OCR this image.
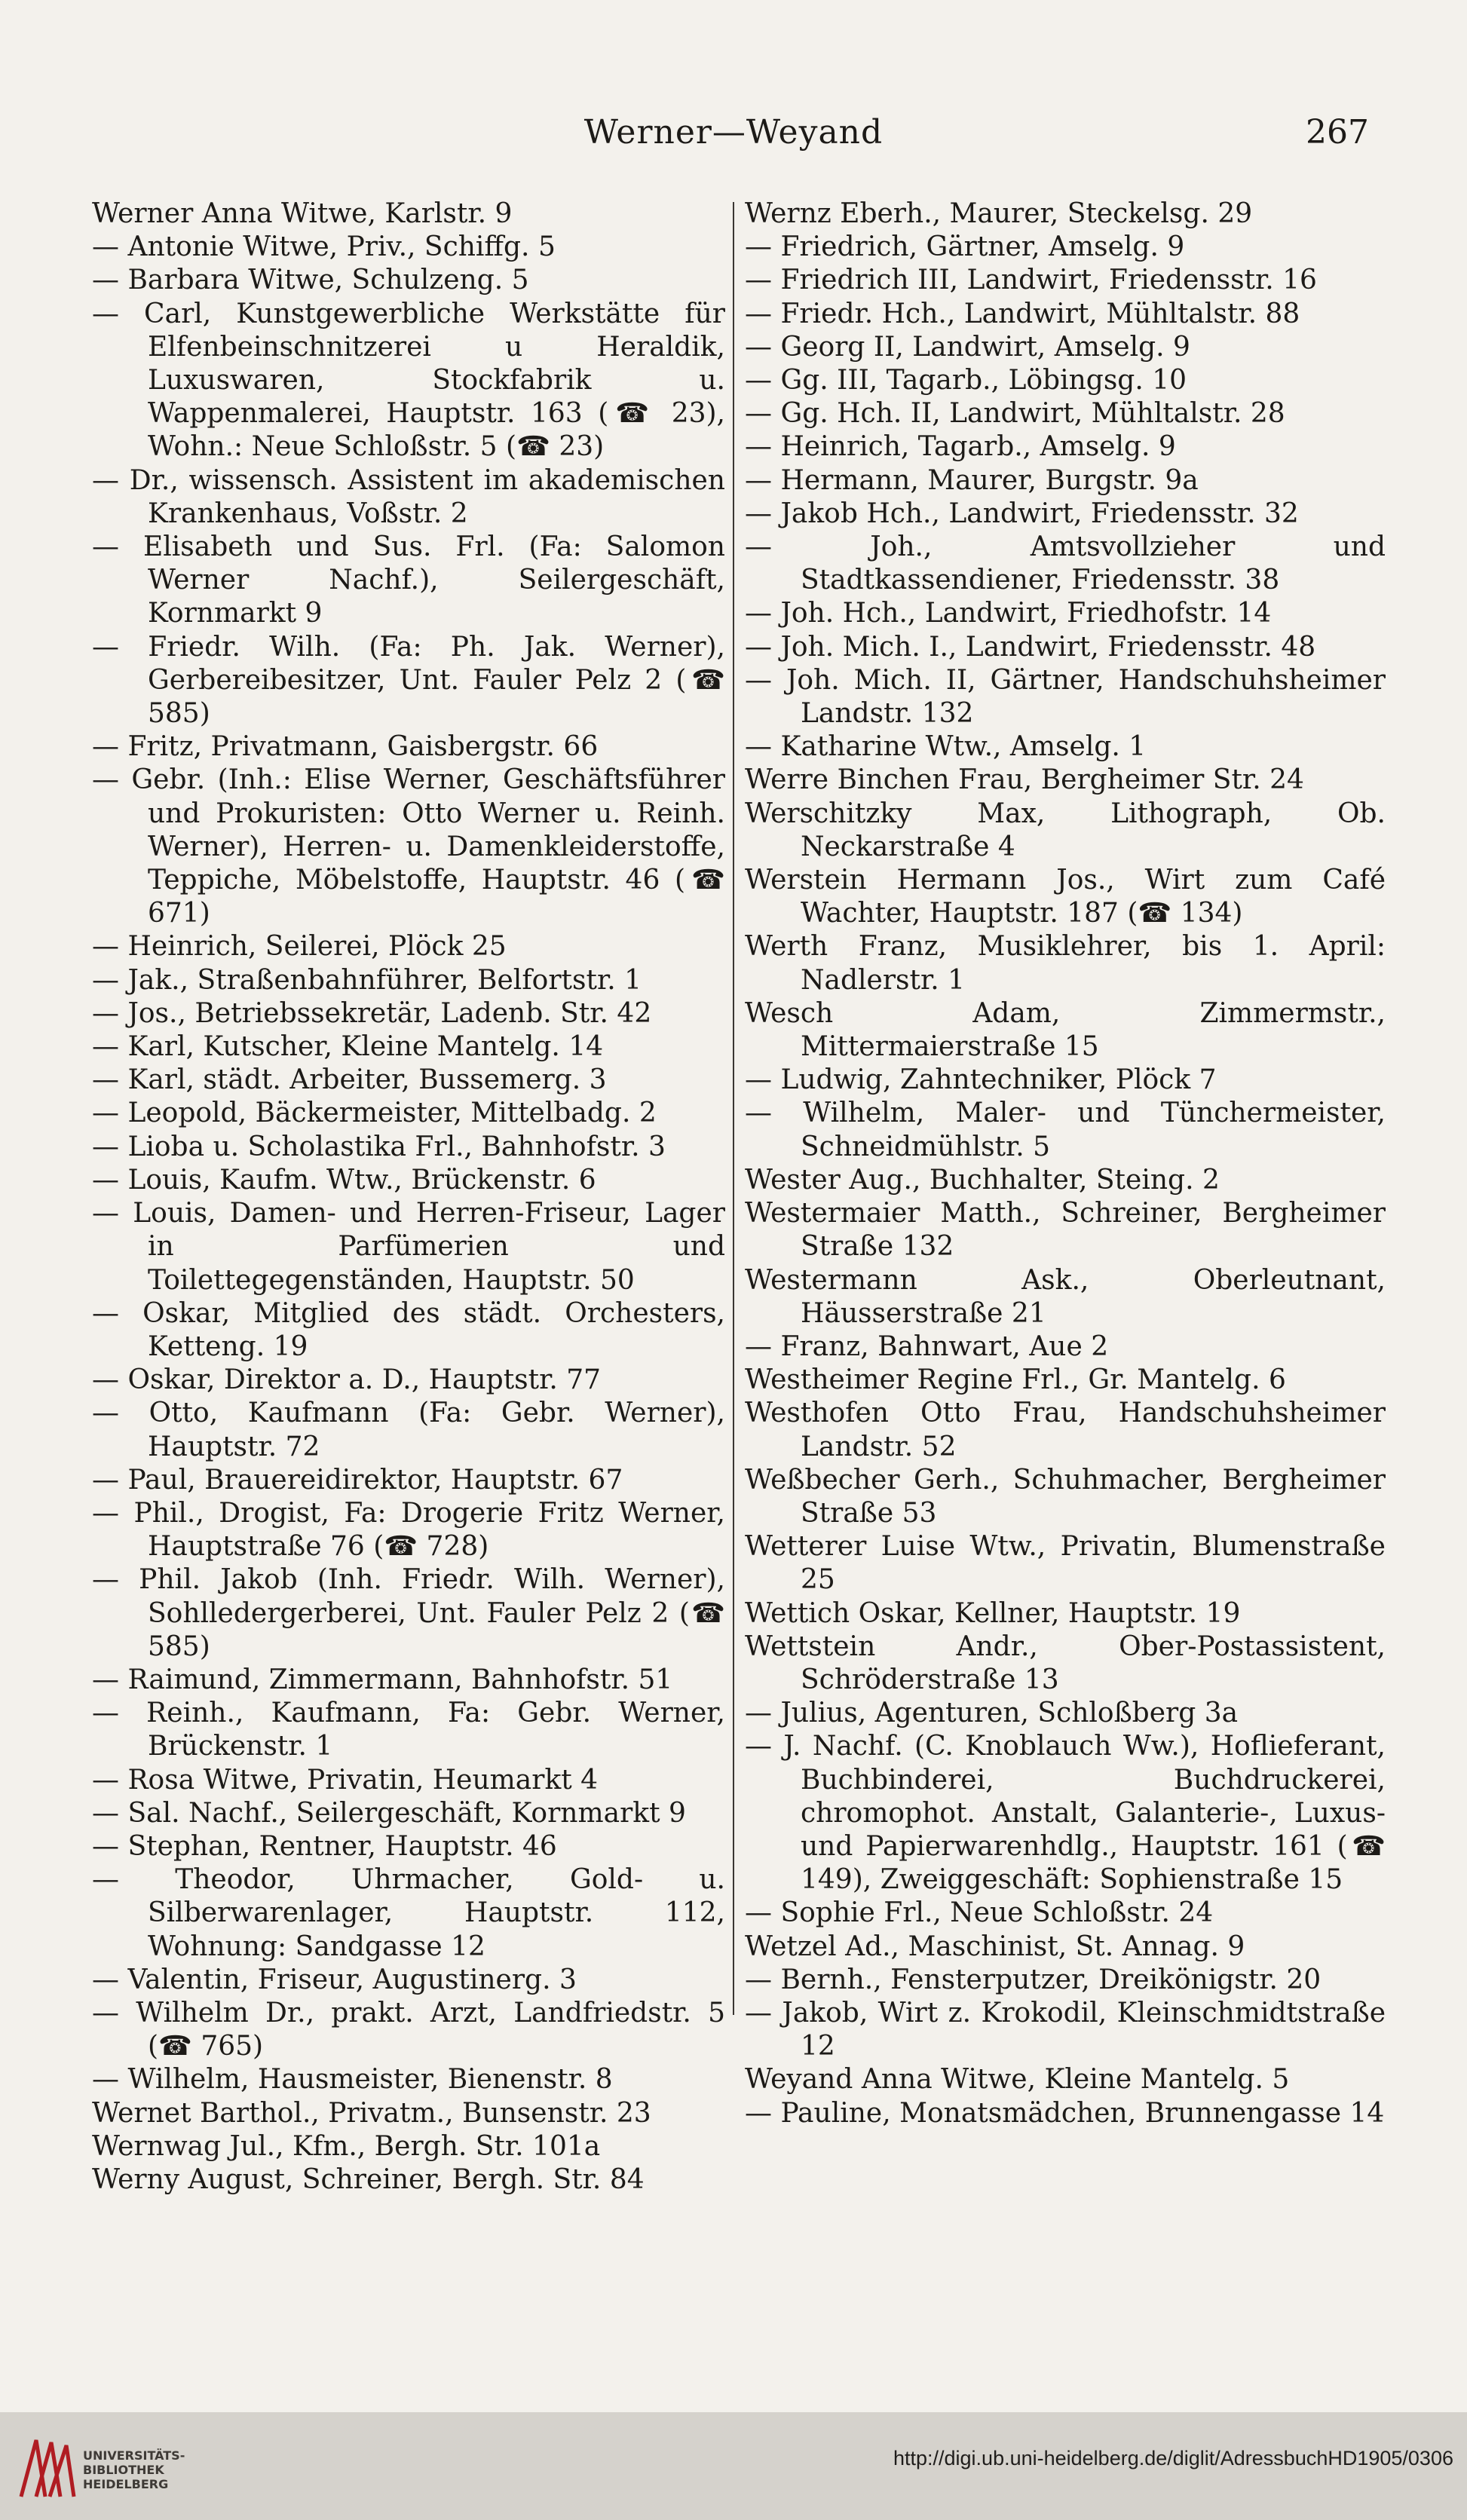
Werner—Weyand	267

Werner Anna Witwe, Karlstr. 9

— Antonie Witwe, Priv., Schiffg. 5

— Barbara Witwe, Schulzeng. 5

— Carl, Kunstgewerbliche Werkstätte für Elfenbeinschnitzerei u Heraldik, Luxuswaren, Stockfabrik u. Wappenmalerei, Hauptstr. 163 (☎ 23), Wohn.: Neue Schloßstr. 5 (☎ 23)

— Dr., wissensch. Assistent im akademischen Krankenhaus, Voßstr. 2

— Elisabeth und Sus. Frl. (Fa: Salomon Werner Nachf.), Seilergeschäft, Kornmarkt 9

— Friedr. Wilh. (Fa: Ph. Jak. Werner), Gerbereibesitzer, Unt. Fauler Pelz 2 (☎ 585)

— Fritz, Privatmann, Gaisbergstr. 66

— Gebr. (Inh.: Elise Werner, Geschäftsführer und Prokuristen: Otto Werner u. Reinh. Werner), Herren- u. Damenkleiderstoffe, Teppiche, Möbelstoffe, Hauptstr. 46 (☎ 671)

— Heinrich, Seilerei, Plöck 25

— Jak., Straßenbahnführer, Belfortstr. 1

— Jos., Betriebssekretär, Ladenb. Str. 42

— Karl, Kutscher, Kleine Mantelg. 14

— Karl, städt. Arbeiter, Bussemerg. 3

— Leopold, Bäckermeister, Mittelbadg. 2

— Lioba u. Scholastika Frl., Bahnhofstr. 3

— Louis, Kaufm. Wtw., Brückenstr. 6

— Louis, Damen- und Herren-Friseur, Lager in Parfümerien und Toilettegegenständen, Hauptstr. 50

— Oskar, Mitglied des städt. Orchesters, Ketteng. 19

— Oskar, Direktor a. D., Hauptstr. 77

— Otto, Kaufmann (Fa: Gebr. Werner), Hauptstr. 72

— Paul, Brauereidirektor, Hauptstr. 67

— Phil., Drogist, Fa: Drogerie Fritz Werner, Hauptstraße 76 (☎ 728)

— Phil. Jakob (Inh. Friedr. Wilh. Werner), Sohlledergerberei, Unt. Fauler Pelz 2 (☎ 585)

— Raimund, Zimmermann, Bahnhofstr. 51

— Reinh., Kaufmann, Fa: Gebr. Werner, Brückenstr. 1

— Rosa Witwe, Privatin, Heumarkt 4

— Sal. Nachf., Seilergeschäft, Kornmarkt 9

— Stephan, Rentner, Hauptstr. 46

— Theodor, Uhrmacher, Gold- u. Silberwarenlager, Hauptstr. 112, Wohnung: Sandgasse 12

— Valentin, Friseur, Augustinerg. 3

— Wilhelm Dr., prakt. Arzt, Landfriedstr. 5 (☎ 765)

— Wilhelm, Hausmeister, Bienenstr. 8

Wernet Barthol., Privatm., Bunsenstr. 23

Wernwag Jul., Kfm., Bergh. Str. 101a

Werny August, Schreiner, Bergh. Str. 84

Wernz Eberh., Maurer, Steckelsg. 29

— Friedrich, Gärtner, Amselg. 9

— Friedrich III, Landwirt, Friedensstr. 16

— Friedr. Hch., Landwirt, Mühltalstr. 88

— Georg II, Landwirt, Amselg. 9

— Gg. III, Tagarb., Löbingsg. 10

— Gg. Hch. II, Landwirt, Mühltalstr. 28

— Heinrich, Tagarb., Amselg. 9

— Hermann, Maurer, Burgstr. 9a

— Jakob Hch., Landwirt, Friedensstr. 32

— Joh., Amtsvollzieher und Stadtkassendiener, Friedensstr. 38

— Joh. Hch., Landwirt, Friedhofstr. 14

— Joh. Mich. I., Landwirt, Friedensstr. 48

— Joh. Mich. II, Gärtner, Handschuhsheimer Landstr. 132

— Katharine Wtw., Amselg. 1

Werre Binchen Frau, Bergheimer Str. 24

Werschitzky Max, Lithograph, Ob. Neckarstraße 4

Werstein Hermann Jos., Wirt zum Café Wachter, Hauptstr. 187 (☎ 134)

Werth Franz, Musiklehrer, bis 1. April: Nadlerstr. 1

Wesch Adam, Zimmermstr., Mittermaierstraße 15

— Ludwig, Zahntechniker, Plöck 7

— Wilhelm, Maler- und Tünchermeister, Schneidmühlstr. 5

Wester Aug., Buchhalter, Steing. 2

Westermaier Matth., Schreiner, Bergheimer Straße 132

Westermann Ask., Oberleutnant, Häusserstraße 21

— Franz, Bahnwart, Aue 2

Westheimer Regine Frl., Gr. Mantelg. 6

Westhofen Otto Frau, Handschuhsheimer Landstr. 52

Weßbecher Gerh., Schuhmacher, Bergheimer Straße 53

Wetterer Luise Wtw., Privatin, Blumenstraße 25

Wettich Oskar, Kellner, Hauptstr. 19

Wettstein Andr., Ober-Postassistent, Schröderstraße 13

— Julius, Agenturen, Schloßberg 3a

— J. Nachf. (C. Knoblauch Ww.), Hoflieferant, Buchbinderei, Buchdruckerei, chromophot. Anstalt, Galanterie-, Luxus- und Papierwarenhdlg., Hauptstr. 161 (☎ 149), Zweiggeschäft: Sophienstraße 15

— Sophie Frl., Neue Schloßstr. 24

Wetzel Ad., Maschinist, St. Annag. 9

— Bernh., Fensterputzer, Dreikönigstr. 20

— Jakob, Wirt z. Krokodil, Kleinschmidtstraße 12

Weyand Anna Witwe, Kleine Mantelg. 5

— Pauline, Monatsmädchen, Brunnengasse 14

UNIVERSITÄTS-
BIBLIOTHEK
HEIDELBERG
http://digi.ub.uni-heidelberg.de/diglit/AdressbuchHD1905/0306
